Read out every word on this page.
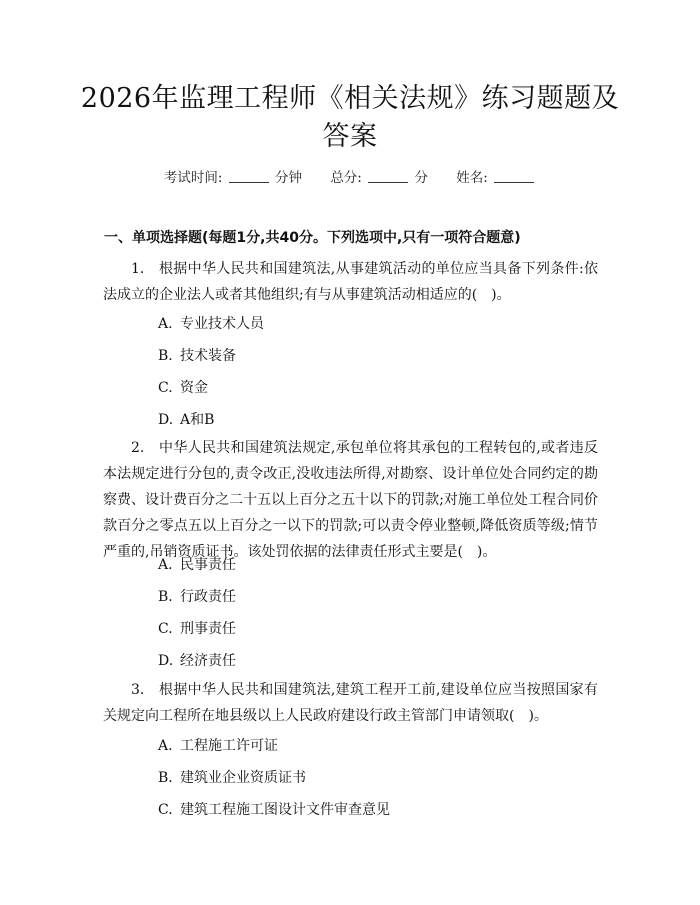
2026年监理工程师《相关法规》练习题题及
答案
考试时间:	分钟 总分:	分 姓名:
一、单项选择题(每题1分,共40分。下列选项中,只有一项符合题意)
1.　根据中华人民共和国建筑法,从事建筑活动的单位应当具备下列条件:依法成立的企业法人或者其他组织;有与从事建筑活动相适应的(　)。
A. 专业技术人员
B. 技术装备
C. 资金
D. A和B
2.　中华人民共和国建筑法规定,承包单位将其承包的工程转包的,或者违反本法规定进行分包的,责令改正,没收违法所得,对勘察、设计单位处合同约定的勘察费、设计费百分之二十五以上百分之五十以下的罚款;对施工单位处工程合同价款百分之零点五以上百分之一以下的罚款;可以责令停业整顿,降低资质等级;情节严重的,吊销资质证书。该处罚依据的法律责任形式主要是(　)。
A. 民事责任
B. 行政责任
C. 刑事责任
D. 经济责任
3.　根据中华人民共和国建筑法,建筑工程开工前,建设单位应当按照国家有关规定向工程所在地县级以上人民政府建设行政主管部门申请领取(　)。
A. 工程施工许可证
B. 建筑业企业资质证书
C. 建筑工程施工图设计文件审查意见
